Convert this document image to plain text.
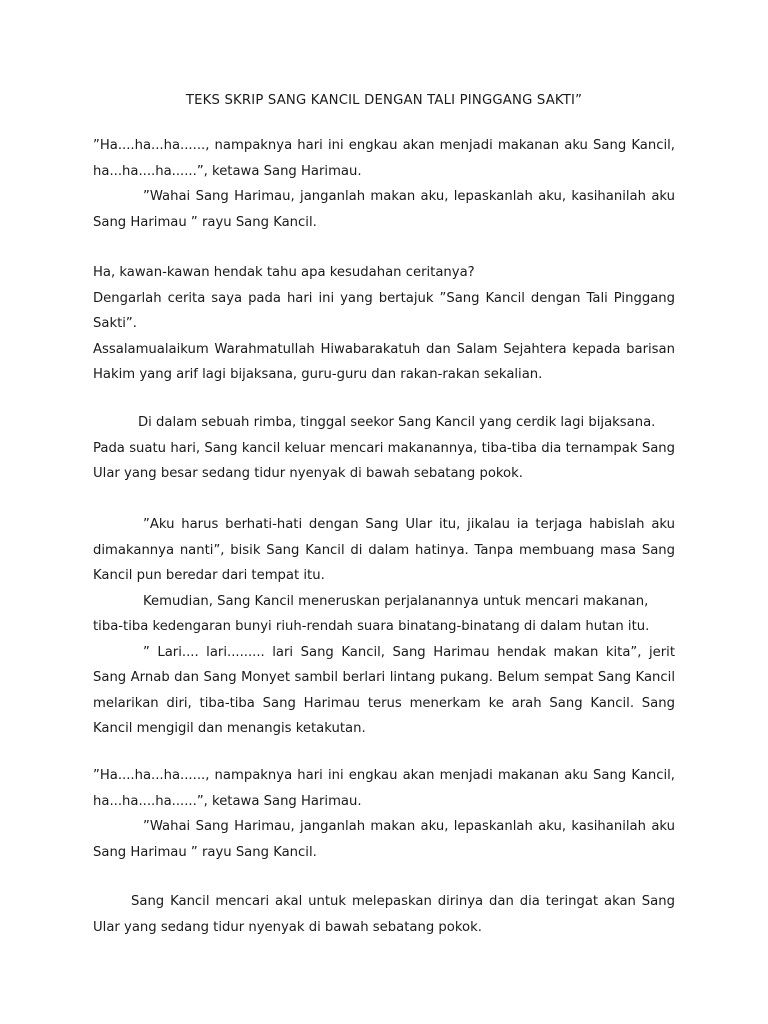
TEKS SKRIP SANG KANCIL DENGAN TALI PINGGANG SAKTI”

”Ha....ha...ha......, nampaknya hari ini engkau akan menjadi makanan aku Sang Kancil, ha...ha....ha......”, ketawa Sang Harimau.

”Wahai Sang Harimau, janganlah makan aku, lepaskanlah aku, kasihanilah aku Sang Harimau ” rayu Sang Kancil.

Ha, kawan-kawan hendak tahu apa kesudahan ceritanya?

Dengarlah cerita saya pada hari ini yang bertajuk ”Sang Kancil dengan Tali Pinggang Sakti”.

Assalamualaikum Warahmatullah Hiwabarakatuh dan Salam Sejahtera kepada barisan Hakim yang arif lagi bijaksana, guru-guru dan rakan-rakan sekalian.

Di dalam sebuah rimba, tinggal seekor Sang Kancil yang cerdik lagi bijaksana.

Pada suatu hari, Sang kancil keluar mencari makanannya, tiba-tiba dia ternampak Sang Ular yang besar sedang tidur nyenyak di bawah sebatang pokok.

”Aku harus berhati-hati dengan Sang Ular itu, jikalau ia terjaga habislah aku dimakannya nanti”, bisik Sang Kancil di dalam hatinya. Tanpa membuang masa Sang Kancil pun beredar dari tempat itu.

Kemudian, Sang Kancil meneruskan perjalanannya untuk mencari makanan,

tiba-tiba kedengaran bunyi riuh-rendah suara binatang-binatang di dalam hutan itu.

” Lari.... lari......... lari Sang Kancil, Sang Harimau hendak makan kita”, jerit Sang Arnab dan Sang Monyet sambil berlari lintang pukang. Belum sempat Sang Kancil melarikan diri, tiba-tiba Sang Harimau terus menerkam ke arah Sang Kancil. Sang Kancil mengigil dan menangis ketakutan.

”Ha....ha...ha......, nampaknya hari ini engkau akan menjadi makanan aku Sang Kancil, ha...ha....ha......”, ketawa Sang Harimau.

”Wahai Sang Harimau, janganlah makan aku, lepaskanlah aku, kasihanilah aku Sang Harimau ” rayu Sang Kancil.

Sang Kancil mencari akal untuk melepaskan dirinya dan dia teringat akan Sang Ular yang sedang tidur nyenyak di bawah sebatang pokok.
